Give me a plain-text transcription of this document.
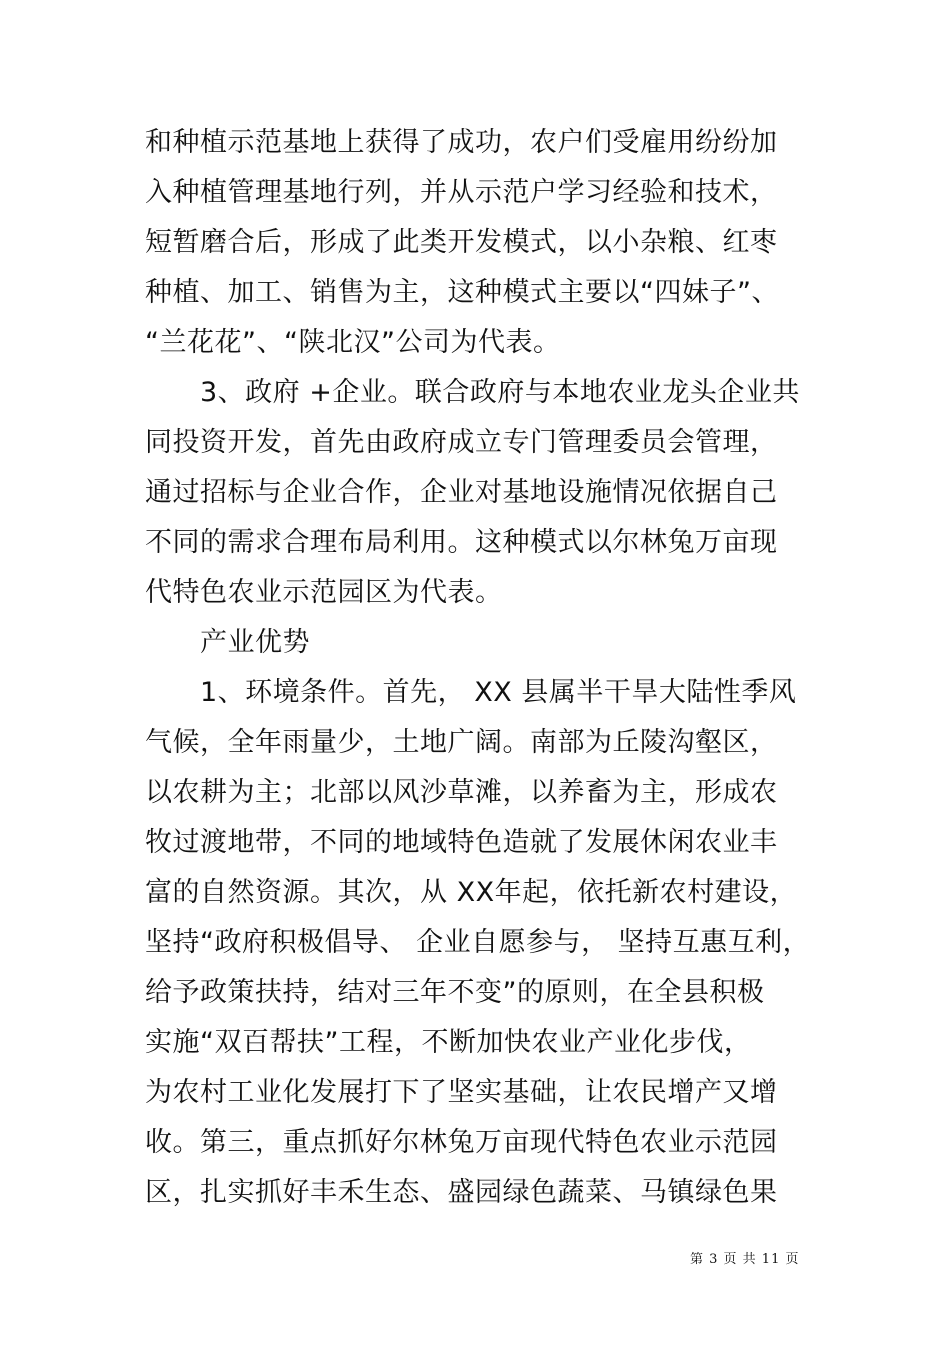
和种植示范基地上获得了成功，农户们受雇用纷纷加
入种植管理基地行列，并从示范户学习经验和技术，
短暂磨合后，形成了此类开发模式，以小杂粮、红枣
种植、加工、销售为主，这种模式主要以“四妹子”、
“兰花花”、“陕北汉”公司为代表。
3、政府 +企业。联合政府与本地农业龙头企业共
同投资开发，首先由政府成立专门管理委员会管理，
通过招标与企业合作，企业对基地设施情况依据自己
不同的需求合理布局利用。这种模式以尔林兔万亩现
代特色农业示范园区为代表。
产业优势
1、环境条件。首先， XX 县属半干旱大陆性季风
气候，全年雨量少，土地广阔。南部为丘陵沟壑区，
以农耕为主；北部以风沙草滩，以养畜为主，形成农
牧过渡地带，不同的地域特色造就了发展休闲农业丰
富的自然资源。其次，从 XX年起，依托新农村建设，
坚持“政府积极倡导、 企业自愿参与， 坚持互惠互利，
给予政策扶持，结对三年不变”的原则，在全县积极
实施“双百帮扶”工程，不断加快农业产业化步伐，
为农村工业化发展打下了坚实基础，让农民增产又增
收。第三，重点抓好尔林兔万亩现代特色农业示范园
区，扎实抓好丰禾生态、盛园绿色蔬菜、马镇绿色果
第 3 页 共 11 页
